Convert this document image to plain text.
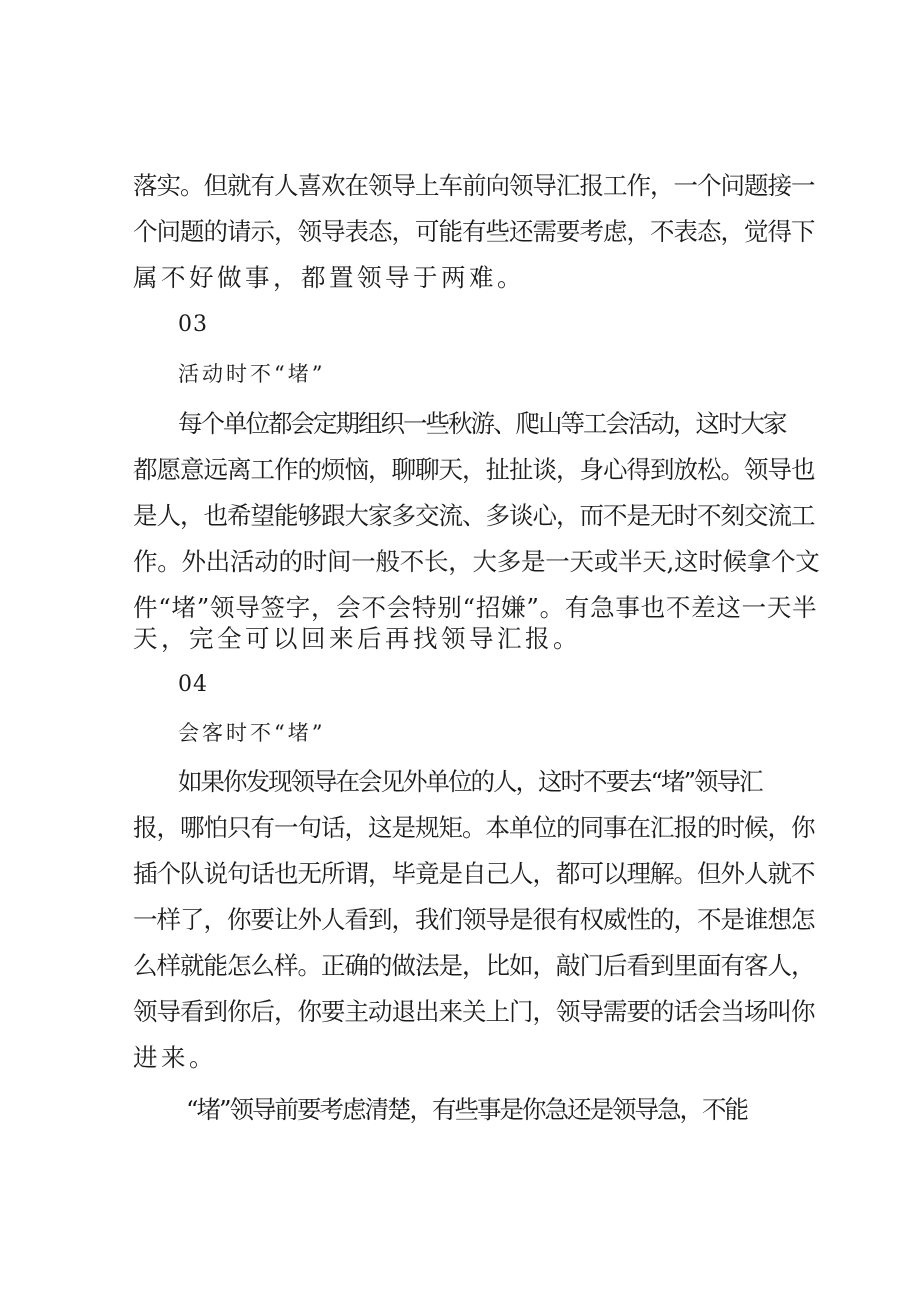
落实。但就有人喜欢在领导上车前向领导汇报工作，一个问题接一
个问题的请示，领导表态，可能有些还需要考虑，不表态，觉得下
属不好做事，都置领导于两难。
03
活动时不“堵”
每个单位都会定期组织一些秋游、爬山等工会活动，这时大家
都愿意远离工作的烦恼，聊聊天，扯扯谈，身心得到放松。领导也
是人，也希望能够跟大家多交流、多谈心，而不是无时不刻交流工
作。外出活动的时间一般不长，大多是一天或半天,这时候拿个文
件“堵”领导签字，会不会特别“招嫌”。有急事也不差这一天半
天，完全可以回来后再找领导汇报。
04
会客时不“堵”
如果你发现领导在会见外单位的人，这时不要去“堵”领导汇
报，哪怕只有一句话，这是规矩。本单位的同事在汇报的时候，你
插个队说句话也无所谓，毕竟是自己人，都可以理解。但外人就不
一样了，你要让外人看到，我们领导是很有权威性的，不是谁想怎
么样就能怎么样。正确的做法是，比如，敲门后看到里面有客人，
领导看到你后，你要主动退出来关上门，领导需要的话会当场叫你
进来。
“堵”领导前要考虑清楚，有些事是你急还是领导急，不能
